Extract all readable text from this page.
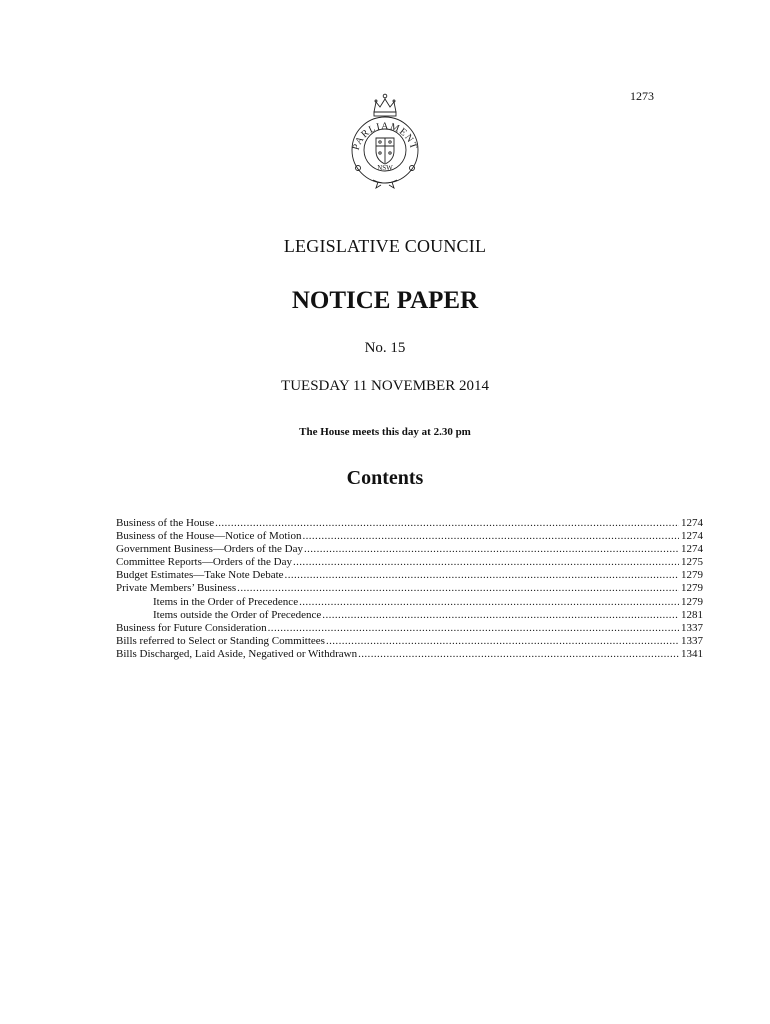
1273
PARLIAMENT
NSW
LEGISLATIVE COUNCIL
NOTICE PAPER
No. 15
TUESDAY 11 NOVEMBER 2014
The House meets this day at 2.30 pm
Contents
Business of the House .....	1274
Business of the House—Notice of Motion .....	1274
Government Business—Orders of the Day .....	1274
Committee Reports—Orders of the Day .....	1275
Budget Estimates—Take Note Debate .....	1279
Private Members’ Business .....	1279
Items in the Order of Precedence .....	1279
Items outside the Order of Precedence .....	1281
Business for Future Consideration .....	1337
Bills referred to Select or Standing Committees .....	1337
Bills Discharged, Laid Aside, Negatived or Withdrawn .....	1341
